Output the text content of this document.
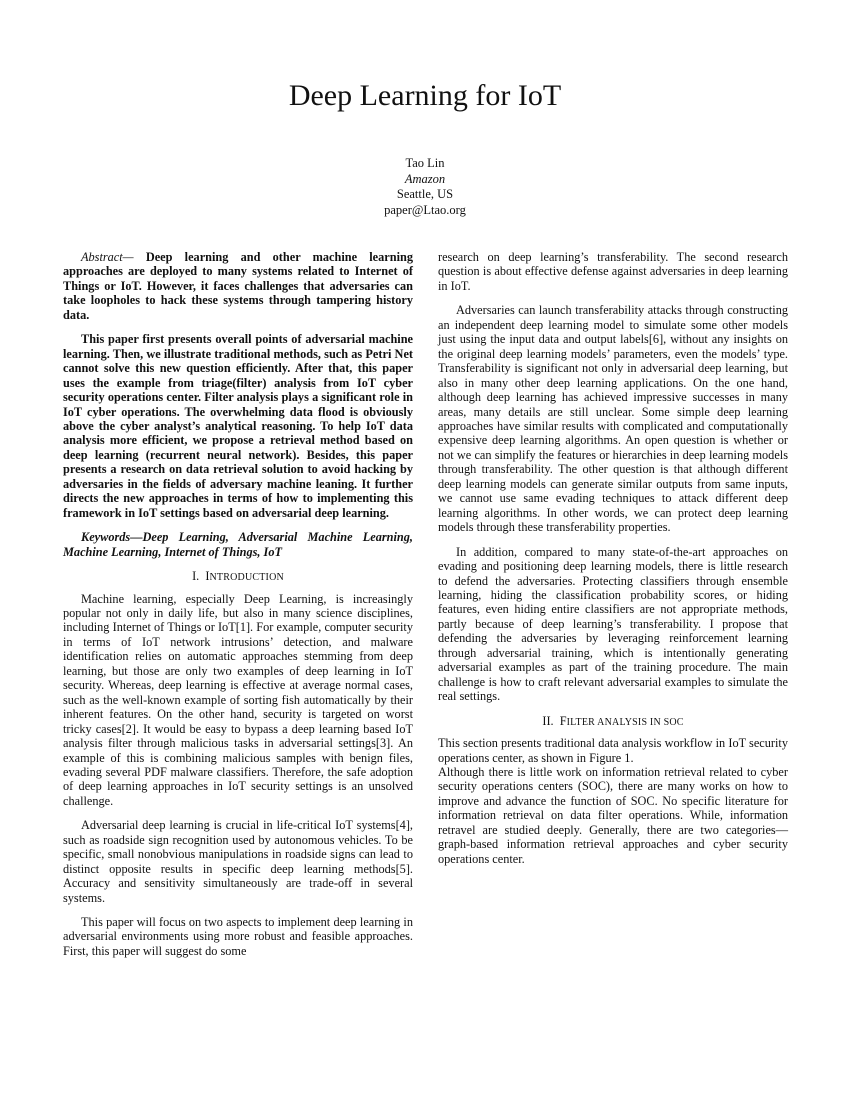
Deep Learning for IoT
Tao Lin
Amazon
Seattle, US
paper@Ltao.org

Abstract— Deep learning and other machine learning approaches are deployed to many systems related to Internet of Things or IoT. However, it faces challenges that adversaries can take loopholes to hack these systems through tampering history data.

This paper first presents overall points of adversarial machine learning. Then, we illustrate traditional methods, such as Petri Net cannot solve this new question efficiently. After that, this paper uses the example from triage(filter) analysis from IoT cyber security operations center. Filter analysis plays a significant role in IoT cyber operations. The overwhelming data flood is obviously above the cyber analyst’s analytical reasoning. To help IoT data analysis more efficient, we propose a retrieval method based on deep learning (recurrent neural network). Besides, this paper presents a research on data retrieval solution to avoid hacking by adversaries in the fields of adversary machine leaning. It further directs the new approaches in terms of how to implementing this framework in IoT settings based on adversarial deep learning.

Keywords—Deep Learning, Adversarial Machine Learning, Machine Learning, Internet of Things, IoT

I. INTRODUCTION

Machine learning, especially Deep Learning, is increasingly popular not only in daily life, but also in many science disciplines, including Internet of Things or IoT[1]. For example, computer security in terms of IoT network intrusions’ detection, and malware identification relies on automatic approaches stemming from deep learning, but those are only two examples of deep learning in IoT security. Whereas, deep learning is effective at average normal cases, such as the well-known example of sorting fish automatically by their inherent features. On the other hand, security is targeted on worst tricky cases[2]. It would be easy to bypass a deep learning based IoT analysis filter through malicious tasks in adversarial settings[3]. An example of this is combining malicious samples with benign files, evading several PDF malware classifiers. Therefore, the safe adoption of deep learning approaches in IoT security settings is an unsolved challenge.

Adversarial deep learning is crucial in life-critical IoT systems[4], such as roadside sign recognition used by autonomous vehicles. To be specific, small nonobvious manipulations in roadside signs can lead to distinct opposite results in specific deep learning methods[5]. Accuracy and sensitivity simultaneously are trade-off in several systems.

This paper will focus on two aspects to implement deep learning in adversarial environments using more robust and feasible approaches. First, this paper will suggest do some

research on deep learning’s transferability. The second research question is about effective defense against adversaries in deep learning in IoT.

Adversaries can launch transferability attacks through constructing an independent deep learning model to simulate some other models just using the input data and output labels[6], without any insights on the original deep learning models’ parameters, even the models’ type. Transferability is significant not only in adversarial deep learning, but also in many other deep learning applications. On the one hand, although deep learning has achieved impressive successes in many areas, many details are still unclear. Some simple deep learning approaches have similar results with complicated and computationally expensive deep learning algorithms. An open question is whether or not we can simplify the features or hierarchies in deep learning models through transferability. The other question is that although different deep learning models can generate similar outputs from same inputs, we cannot use same evading techniques to attack different deep learning algorithms. In other words, we can protect deep learning models through these transferability properties.

In addition, compared to many state-of-the-art approaches on evading and positioning deep learning models, there is little research to defend the adversaries. Protecting classifiers through ensemble learning, hiding the classification probability scores, or hiding features, even hiding entire classifiers are not appropriate methods, partly because of deep learning’s transferability. I propose that defending the adversaries by leveraging reinforcement learning through adversarial training, which is intentionally generating adversarial examples as part of the training procedure. The main challenge is how to craft relevant adversarial examples to simulate the real settings.

II. FILTER ANALYSIS IN SOC

This section presents traditional data analysis workflow in IoT security operations center, as shown in Figure 1.

Although there is little work on information retrieval related to cyber security operations centers (SOC), there are many works on how to improve and advance the function of SOC. No specific literature for information retrieval on data filter operations. While, information retravel are studied deeply. Generally, there are two categories— graph-based information retrieval approaches and cyber security operations center.
